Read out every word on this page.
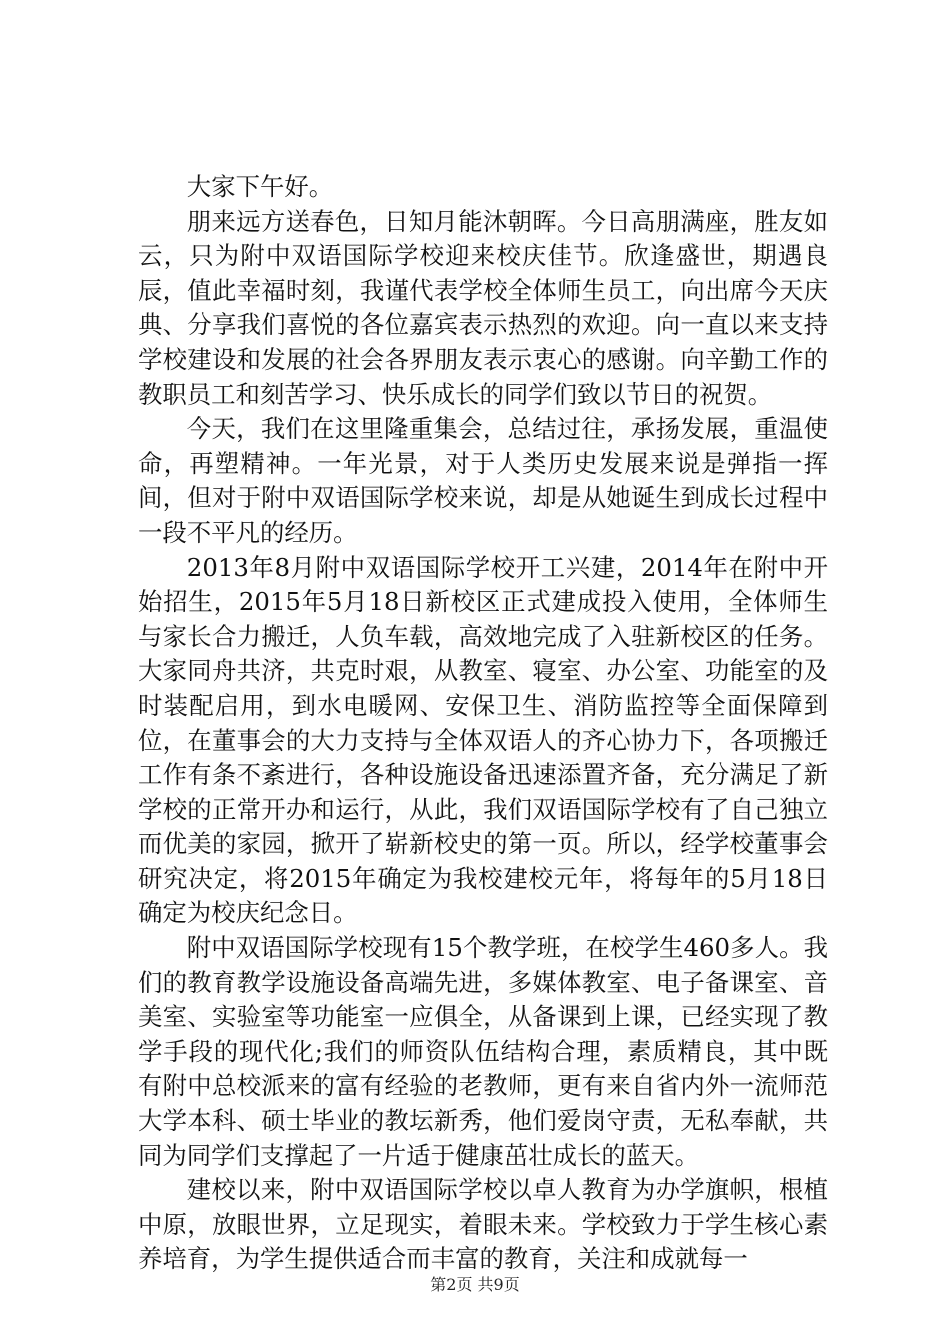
大家下午好。

朋来远方送春色，日知月能沐朝晖。今日高朋满座，胜友如云，只为附中双语国际学校迎来校庆佳节。欣逢盛世，期遇良辰，值此幸福时刻，我谨代表学校全体师生员工，向出席今天庆典、分享我们喜悦的各位嘉宾表示热烈的欢迎。向一直以来支持学校建设和发展的社会各界朋友表示衷心的感谢。向辛勤工作的教职员工和刻苦学习、快乐成长的同学们致以节日的祝贺。

今天，我们在这里隆重集会，总结过往，承扬发展，重温使命，再塑精神。一年光景，对于人类历史发展来说是弹指一挥间，但对于附中双语国际学校来说，却是从她诞生到成长过程中一段不平凡的经历。

2013年8月附中双语国际学校开工兴建，2014年在附中开始招生，2015年5月18日新校区正式建成投入使用，全体师生与家长合力搬迁，人负车载，高效地完成了入驻新校区的任务。大家同舟共济，共克时艰，从教室、寝室、办公室、功能室的及时装配启用，到水电暖网、安保卫生、消防监控等全面保障到位，在董事会的大力支持与全体双语人的齐心协力下，各项搬迁工作有条不紊进行，各种设施设备迅速添置齐备，充分满足了新学校的正常开办和运行，从此，我们双语国际学校有了自己独立而优美的家园，掀开了崭新校史的第一页。所以，经学校董事会研究决定，将2015年确定为我校建校元年，将每年的5月18日确定为校庆纪念日。

附中双语国际学校现有15个教学班，在校学生460多人。我们的教育教学设施设备高端先进，多媒体教室、电子备课室、音美室、实验室等功能室一应俱全，从备课到上课，已经实现了教学手段的现代化;我们的师资队伍结构合理，素质精良，其中既有附中总校派来的富有经验的老教师，更有来自省内外一流师范大学本科、硕士毕业的教坛新秀，他们爱岗守责，无私奉献，共同为同学们支撑起了一片适于健康茁壮成长的蓝天。

建校以来，附中双语国际学校以卓人教育为办学旗帜，根植中原，放眼世界，立足现实，着眼未来。学校致力于学生核心素养培育，为学生提供适合而丰富的教育，关注和成就每一

第2页 共9页
